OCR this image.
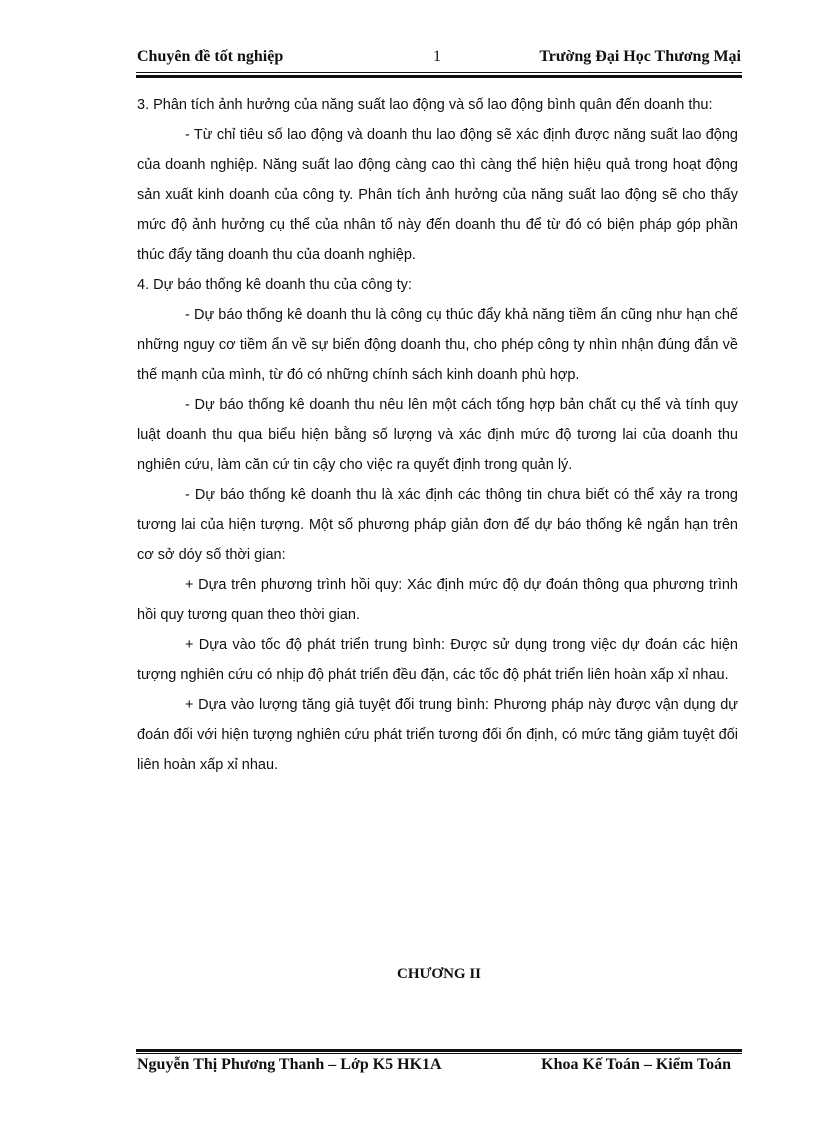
Chuyên đề tốt nghiệp	1	Trường Đại Học Thương Mại

3. Phân tích ảnh hưởng của năng suất lao động và số lao động bình quân đến doanh thu:

- Từ chỉ tiêu số lao động và doanh thu lao động sẽ xác định được năng suất lao động của doanh nghiệp. Năng suất lao động càng cao thì càng thể hiện hiệu quả trong hoạt động sản xuất kinh doanh của công ty. Phân tích ảnh hưởng của năng suất lao động sẽ cho thấy mức độ ảnh hưởng cụ thể của nhân tố này đến doanh thu để từ đó có biện pháp góp phần thúc đẩy tăng doanh thu của doanh nghiệp.

4. Dự báo thống kê doanh thu của công ty:

- Dự báo thống kê doanh thu là công cụ thúc đẩy khả năng tiềm ẩn cũng như hạn chế những nguy cơ tiềm ẩn về sự biến động doanh thu, cho phép công ty nhìn nhận đúng đắn về thế mạnh của mình, từ đó có những chính sách kinh doanh phù hợp.

- Dự báo thống kê doanh thu nêu lên một cách tổng hợp bản chất cụ thể và tính quy luật doanh thu qua biểu hiện bằng số lượng và xác định mức độ tương lai của doanh thu nghiên cứu, làm căn cứ tin cậy cho việc ra quyết định trong quản lý.

- Dự báo thống kê doanh thu là xác định các thông tin chưa biết có thể xảy ra trong tương lai của hiện tượng. Một số phương pháp giản đơn để dự báo thống kê ngắn hạn trên cơ sở dóy số thời gian:

+ Dựa trên phương trình hồi quy: Xác định mức độ dự đoán thông qua phương trình hồi quy tương quan theo thời gian.

+ Dựa vào tốc độ phát triển trung bình: Được sử dụng trong việc dự đoán các hiện tượng nghiên cứu có nhịp độ phát triển đều đặn, các tốc độ phát triển liên hoàn xấp xỉ nhau.

+ Dựa vào lượng tăng giả tuyệt đối trung bình: Phương pháp này được vận dụng dự đoán đối với hiện tượng nghiên cứu phát triển tương đối ổn định, có mức tăng giảm tuyệt đối liên hoàn xấp xỉ nhau.

CHƯƠNG II
Nguyễn Thị Phương Thanh – Lớp K5 HK1A	Khoa Kế Toán – Kiểm Toán
